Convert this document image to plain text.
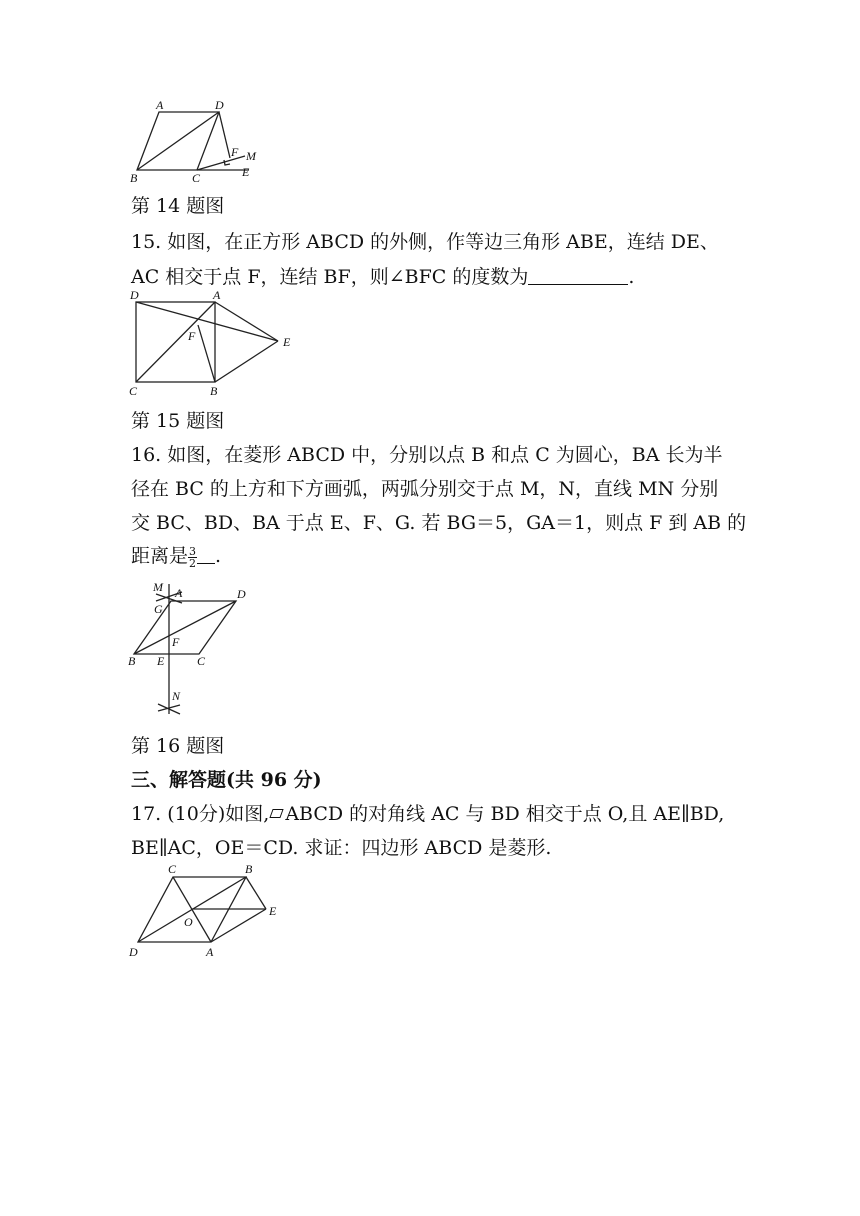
A	D
B	C	E
F M
第 14 题图
15. 如图，在正方形 ABCD 的外侧，作等边三角形 ABE，连结 DE、
AC 相交于点 F，连结 BF，则∠BFC 的度数为	.
D	A
F	E
C	B
第 15 题图
16. 如图，在菱形 ABCD 中，分别以点 B 和点 C 为圆心，BA 长为半
径在 BC 的上方和下方画弧，两弧分别交于点 M，N，直线 MN 分别
交 BC、BD、BA 于点 E、F、G. 若 BG＝5，GA＝1，则点 F 到 AB 的
距离是 $\frac{3}{2}$ .
M A
G
D
F
B E	C
N
第 16 题图
三、解答题(共 96 分)
17. (10分)如图, ABCD 的对角线 AC 与 BD 相交于点 O,且 AE∥BD,
BE∥AC，OE＝CD. 求证：四边形 ABCD 是菱形.
C	B
E
O
D	A
